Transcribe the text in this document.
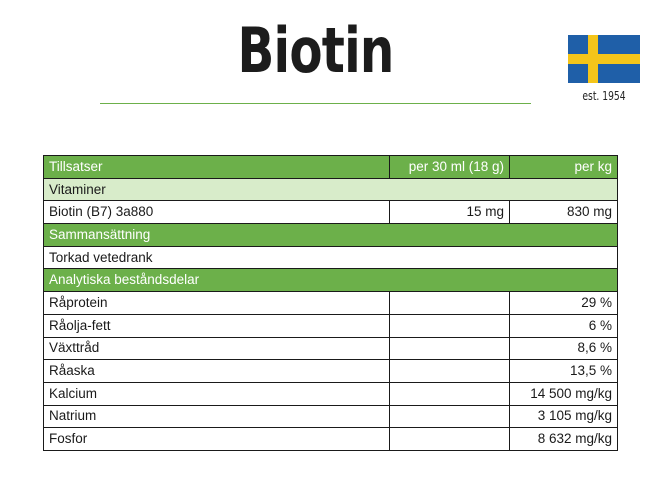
Biotin
est. 1954
Tillsatser	per 30 ml (18 g)	per kg
Vitaminer		
Biotin (B7) 3a880	15 mg	830 mg
Sammansättning		
Torkad vetedrank		
Analytiska beståndsdelar		
Råprotein		29 %
Råolja-fett		6 %
Växttråd		8,6 %
Råaska		13,5 %
Kalcium		14 500 mg/kg
Natrium		3 105 mg/kg
Fosfor		8 632 mg/kg
